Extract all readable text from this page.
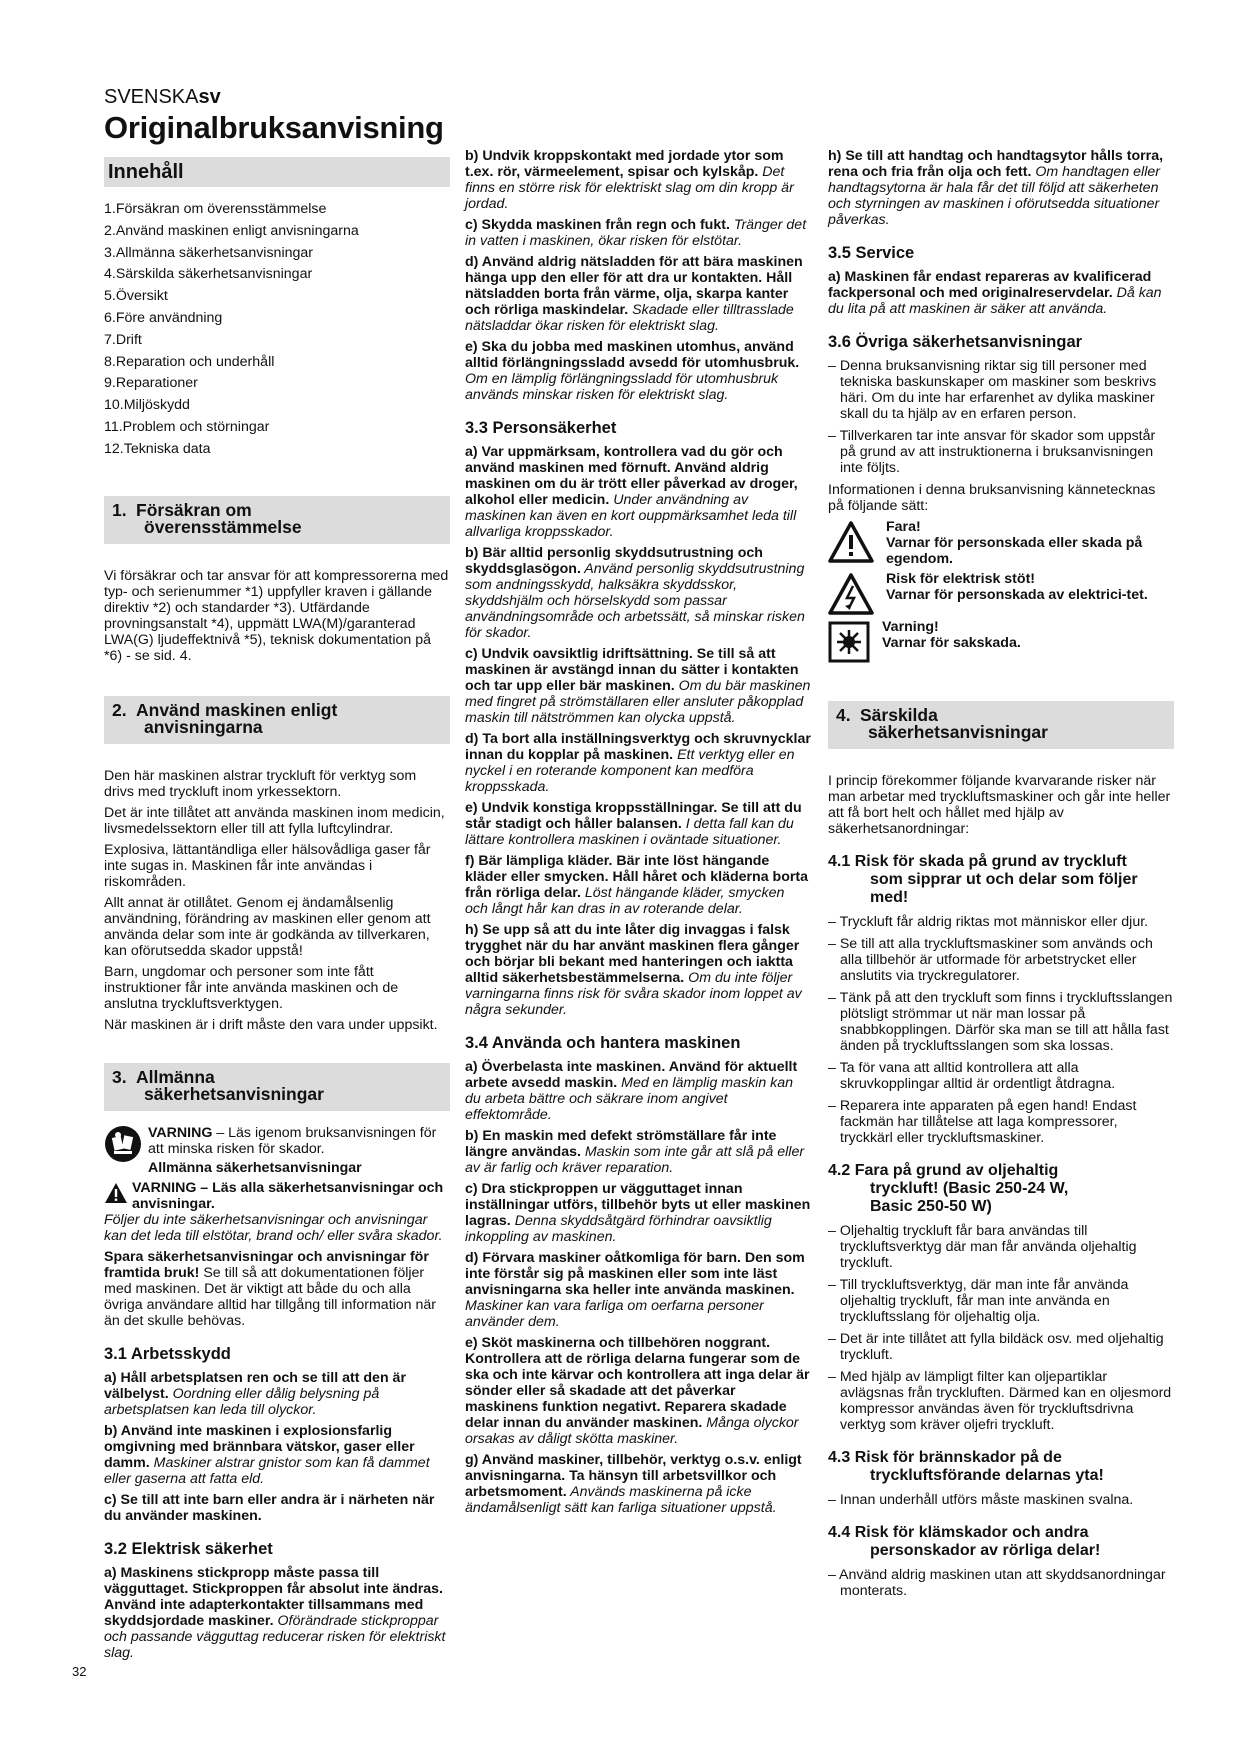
SVENSKAsv
Originalbruksanvisning
Innehåll
1.Försäkran om överensstämmelse
2.Använd maskinen enligt anvisningarna
3.Allmänna säkerhetsanvisningar
4.Särskilda säkerhetsanvisningar
5.Översikt
6.Före användning
7.Drift
8.Reparation och underhåll
9.Reparationer
10.Miljöskydd
11.Problem och störningar
12.Tekniska data
1. Försäkran om
överensstämmelse

Vi försäkrar och tar ansvar för att kompressorerna med typ- och serienummer *1) uppfyller kraven i gällande direktiv *2) och standarder *3). Utfärdande provningsanstalt *4), uppmätt LWA(M)/garanterad LWA(G) ljudeffektnivå *5), teknisk dokumentation på *6) - se sid. 4.

2. Använd maskinen enligt
anvisningarna

Den här maskinen alstrar tryckluft för verktyg som drivs med tryckluft inom yrkessektorn.

Det är inte tillåtet att använda maskinen inom medicin, livsmedelssektorn eller till att fylla luftcylindrar.

Explosiva, lättantändliga eller hälsovådliga gaser får inte sugas in. Maskinen får inte användas i riskområden.

Allt annat är otillåtet. Genom ej ändamålsenlig användning, förändring av maskinen eller genom att använda delar som inte är godkända av tillverkaren, kan oförutsedda skador uppstå!

Barn, ungdomar och personer som inte fått instruktioner får inte använda maskinen och de anslutna tryckluftsverktygen.

När maskinen är i drift måste den vara under uppsikt.

3. Allmänna
säkerhetsanvisningar

VARNING – Läs igenom bruksanvisningen för att minska risken för skador.

Allmänna säkerhetsanvisningar

VARNING – Läs alla säkerhetsanvisningar och anvisningar.
Följer du inte säkerhetsanvisningar och anvisningar kan det leda till elstötar, brand och/ eller svåra skador.

Spara säkerhetsanvisningar och anvisningar för framtida bruk! Se till så att dokumentationen följer med maskinen. Det är viktigt att både du och alla övriga användare alltid har tillgång till information när än det skulle behövas.

3.1 Arbetsskydd

a) Håll arbetsplatsen ren och se till att den är välbelyst. Oordning eller dålig belysning på arbetsplatsen kan leda till olyckor.

b) Använd inte maskinen i explosionsfarlig omgivning med brännbara vätskor, gaser eller damm. Maskiner alstrar gnistor som kan få dammet eller gaserna att fatta eld.

c) Se till att inte barn eller andra är i närheten när du använder maskinen.

3.2 Elektrisk säkerhet

a) Maskinens stickpropp måste passa till vägguttaget. Stickproppen får absolut inte ändras. Använd inte adapterkontakter tillsammans med skyddsjordade maskiner. Oförändrade stickproppar och passande vägguttag reducerar risken för elektriskt slag.

b) Undvik kroppskontakt med jordade ytor som t.ex. rör, värmeelement, spisar och kylskåp. Det finns en större risk för elektriskt slag om din kropp är jordad.

c) Skydda maskinen från regn och fukt. Tränger det in vatten i maskinen, ökar risken för elstötar.

d) Använd aldrig nätsladden för att bära maskinen hänga upp den eller för att dra ur kontakten. Håll nätsladden borta från värme, olja, skarpa kanter och rörliga maskindelar. Skadade eller tilltrasslade nätsladdar ökar risken för elektriskt slag.

e) Ska du jobba med maskinen utomhus, använd alltid förlängningssladd avsedd för utomhusbruk. Om en lämplig förlängningssladd för utomhusbruk används minskar risken för elektriskt slag.

3.3 Personsäkerhet

a) Var uppmärksam, kontrollera vad du gör och använd maskinen med förnuft. Använd aldrig maskinen om du är trött eller påverkad av droger, alkohol eller medicin. Under användning av maskinen kan även en kort ouppmärksamhet leda till allvarliga kroppsskador.

b) Bär alltid personlig skyddsutrustning och skyddsglasögon. Använd personlig skyddsutrustning som andningsskydd, halksäkra skyddsskor, skyddshjälm och hörselskydd som passar användningsområde och arbetssätt, så minskar risken för skador.

c) Undvik oavsiktlig idriftsättning. Se till så att maskinen är avstängd innan du sätter i kontakten och tar upp eller bär maskinen. Om du bär maskinen med fingret på strömställaren eller ansluter påkopplad maskin till nätströmmen kan olycka uppstå.

d) Ta bort alla inställningsverktyg och skruvnycklar innan du kopplar på maskinen. Ett verktyg eller en nyckel i en roterande komponent kan medföra kroppsskada.

e) Undvik konstiga kroppsställningar. Se till att du står stadigt och håller balansen. I detta fall kan du lättare kontrollera maskinen i oväntade situationer.

f) Bär lämpliga kläder. Bär inte löst hängande kläder eller smycken. Håll håret och kläderna borta från rörliga delar. Löst hängande kläder, smycken och långt hår kan dras in av roterande delar.

h) Se upp så att du inte låter dig invaggas i falsk trygghet när du har använt maskinen flera gånger och börjar bli bekant med hanteringen och iaktta alltid säkerhetsbestämmelserna. Om du inte följer varningarna finns risk för svåra skador inom loppet av några sekunder.

3.4 Använda och hantera maskinen

a) Överbelasta inte maskinen. Använd för aktuellt arbete avsedd maskin. Med en lämplig maskin kan du arbeta bättre och säkrare inom angivet effektområde.

b) En maskin med defekt strömställare får inte längre användas. Maskin som inte går att slå på eller av är farlig och kräver reparation.

c) Dra stickproppen ur vägguttaget innan inställningar utförs, tillbehör byts ut eller maskinen lagras. Denna skyddsåtgärd förhindrar oavsiktlig inkoppling av maskinen.

d) Förvara maskiner oåtkomliga för barn. Den som inte förstår sig på maskinen eller som inte läst anvisningarna ska heller inte använda maskinen. Maskiner kan vara farliga om oerfarna personer använder dem.

e) Sköt maskinerna och tillbehören noggrant. Kontrollera att de rörliga delarna fungerar som de ska och inte kärvar och kontrollera att inga delar är sönder eller så skadade att det påverkar maskinens funktion negativt. Reparera skadade delar innan du använder maskinen. Många olyckor orsakas av dåligt skötta maskiner.

g) Använd maskiner, tillbehör, verktyg o.s.v. enligt anvisningarna. Ta hänsyn till arbetsvillkor och arbetsmoment. Används maskinerna på icke ändamålsenligt sätt kan farliga situationer uppstå.

h) Se till att handtag och handtagsytor hålls torra, rena och fria från olja och fett. Om handtagen eller handtagsytorna är hala får det till följd att säkerheten och styrningen av maskinen i oförutsedda situationer påverkas.

3.5 Service

a) Maskinen får endast repareras av kvalificerad fackpersonal och med originalreservdelar. Då kan du lita på att maskinen är säker att använda.

3.6 Övriga säkerhetsanvisningar

– Denna bruksanvisning riktar sig till personer med tekniska baskunskaper om maskiner som beskrivs häri. Om du inte har erfarenhet av dylika maskiner skall du ta hjälp av en erfaren person.

– Tillverkaren tar inte ansvar för skador som uppstår på grund av att instruktionerna i bruksanvisningen inte följts.

Informationen i denna bruksanvisning kännetecknas på följande sätt:

Fara!
Varnar för personskada eller skada på egendom.
Risk för elektrisk stöt!
Varnar för personskada av elektrici-tet.
Varning!
Varnar för sakskada.
4. Särskilda
säkerhetsanvisningar

I princip förekommer följande kvarvarande risker när man arbetar med tryckluftsmaskiner och går inte heller att få bort helt och hållet med hjälp av säkerhetsanordningar:

4.1 Risk för skada på grund av tryckluft
som sipprar ut och delar som följer
med!

– Tryckluft får aldrig riktas mot människor eller djur.

– Se till att alla tryckluftsmaskiner som används och alla tillbehör är utformade för arbetstrycket eller anslutits via tryckregulatorer.

– Tänk på att den tryckluft som finns i tryckluftsslangen plötsligt strömmar ut när man lossar på snabbkopplingen. Därför ska man se till att hålla fast änden på tryckluftsslangen som ska lossas.

– Ta för vana att alltid kontrollera att alla skruvkopplingar alltid är ordentligt åtdragna.

– Reparera inte apparaten på egen hand! Endast fackmän har tillåtelse att laga kompressorer, tryckkärl eller tryckluftsmaskiner.

4.2 Fara på grund av oljehaltig
tryckluft! (Basic 250-24 W,
Basic 250-50 W)

– Oljehaltig tryckluft får bara användas till tryckluftsverktyg där man får använda oljehaltig tryckluft.

– Till tryckluftsverktyg, där man inte får använda oljehaltig tryckluft, får man inte använda en tryckluftsslang för oljehaltig olja.

– Det är inte tillåtet att fylla bildäck osv. med oljehaltig tryckluft.

– Med hjälp av lämpligt filter kan oljepartiklar avlägsnas från tryckluften. Därmed kan en oljesmord kompressor användas även för tryckluftsdrivna verktyg som kräver oljefri tryckluft.

4.3 Risk för brännskador på de
tryckluftsförande delarnas yta!

– Innan underhåll utförs måste maskinen svalna.

4.4 Risk för klämskador och andra
personskador av rörliga delar!

– Använd aldrig maskinen utan att skyddsanordningar monterats.

32
